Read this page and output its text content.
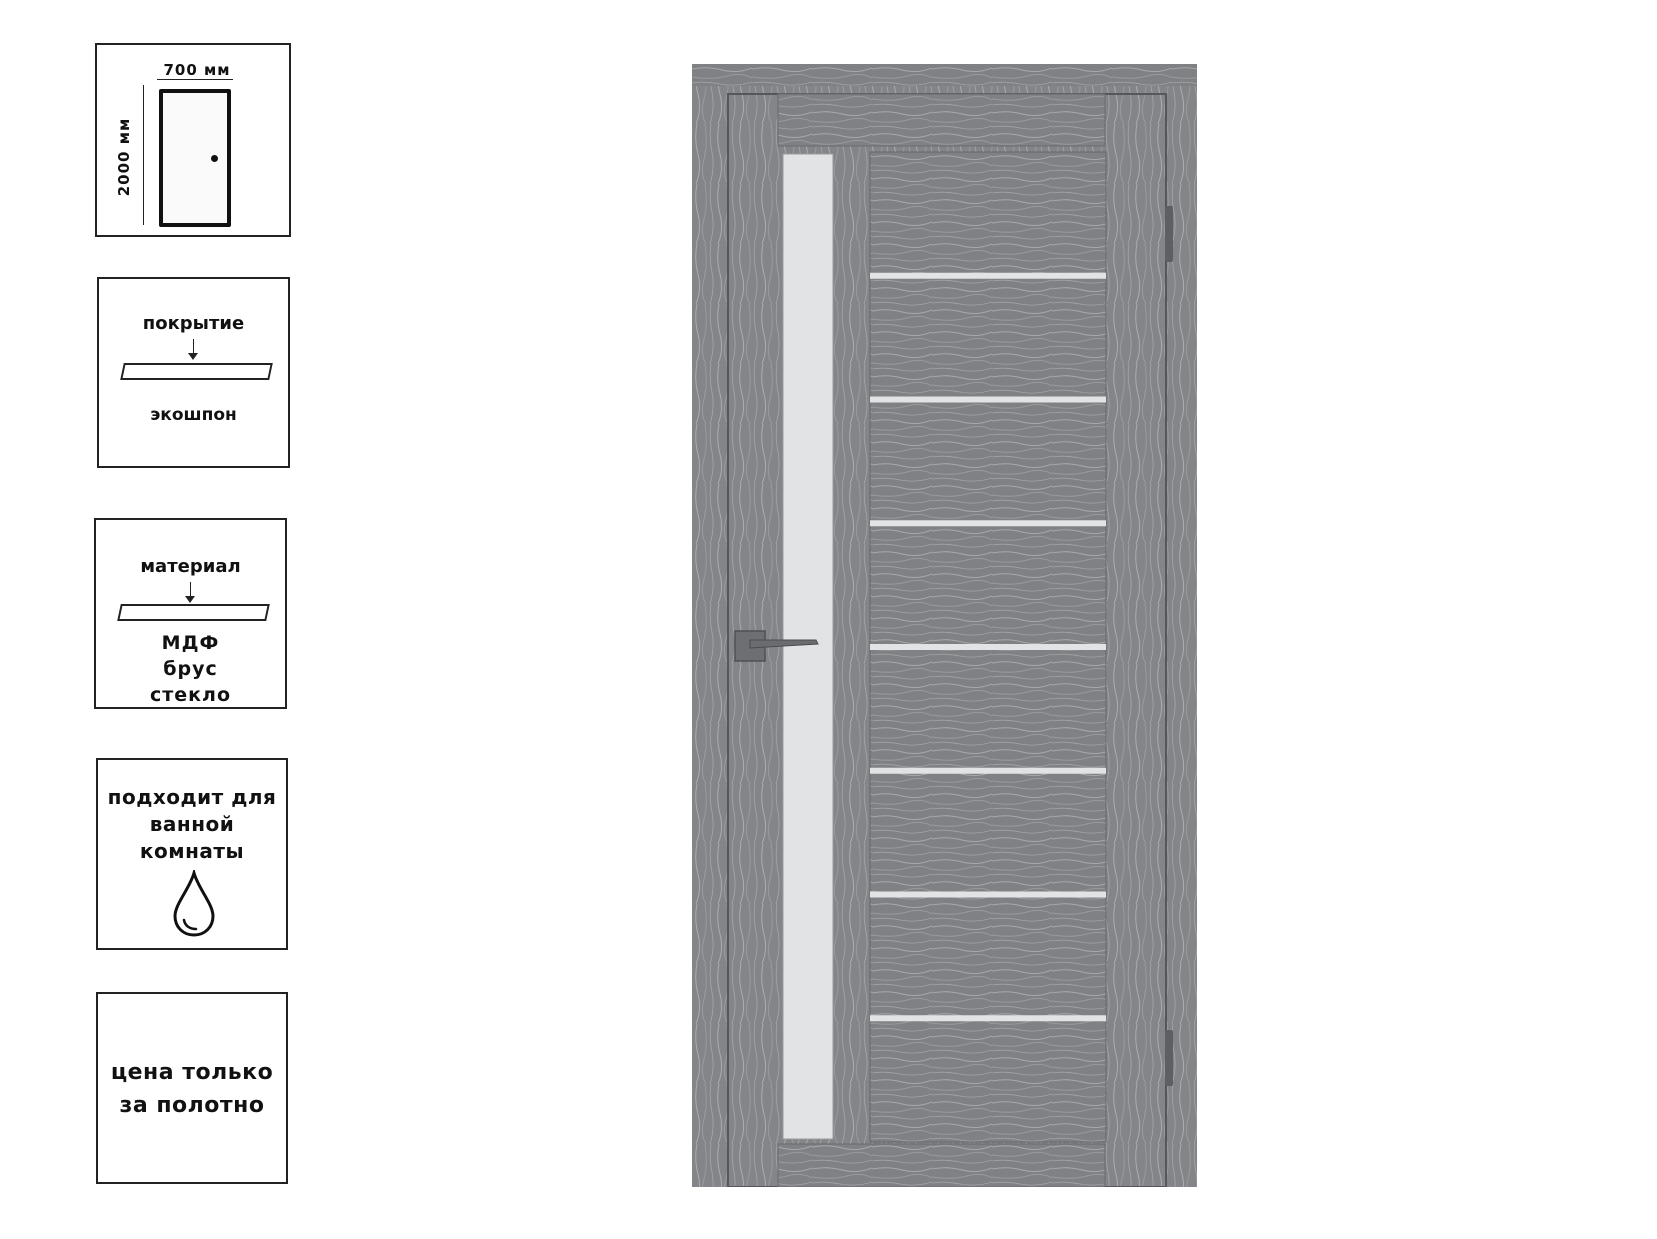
700 мм
2000 мм
покрытие
экошпон
материал
МДФ
брус
стекло
подходит для
ванной
комнаты
цена только
за полотно
